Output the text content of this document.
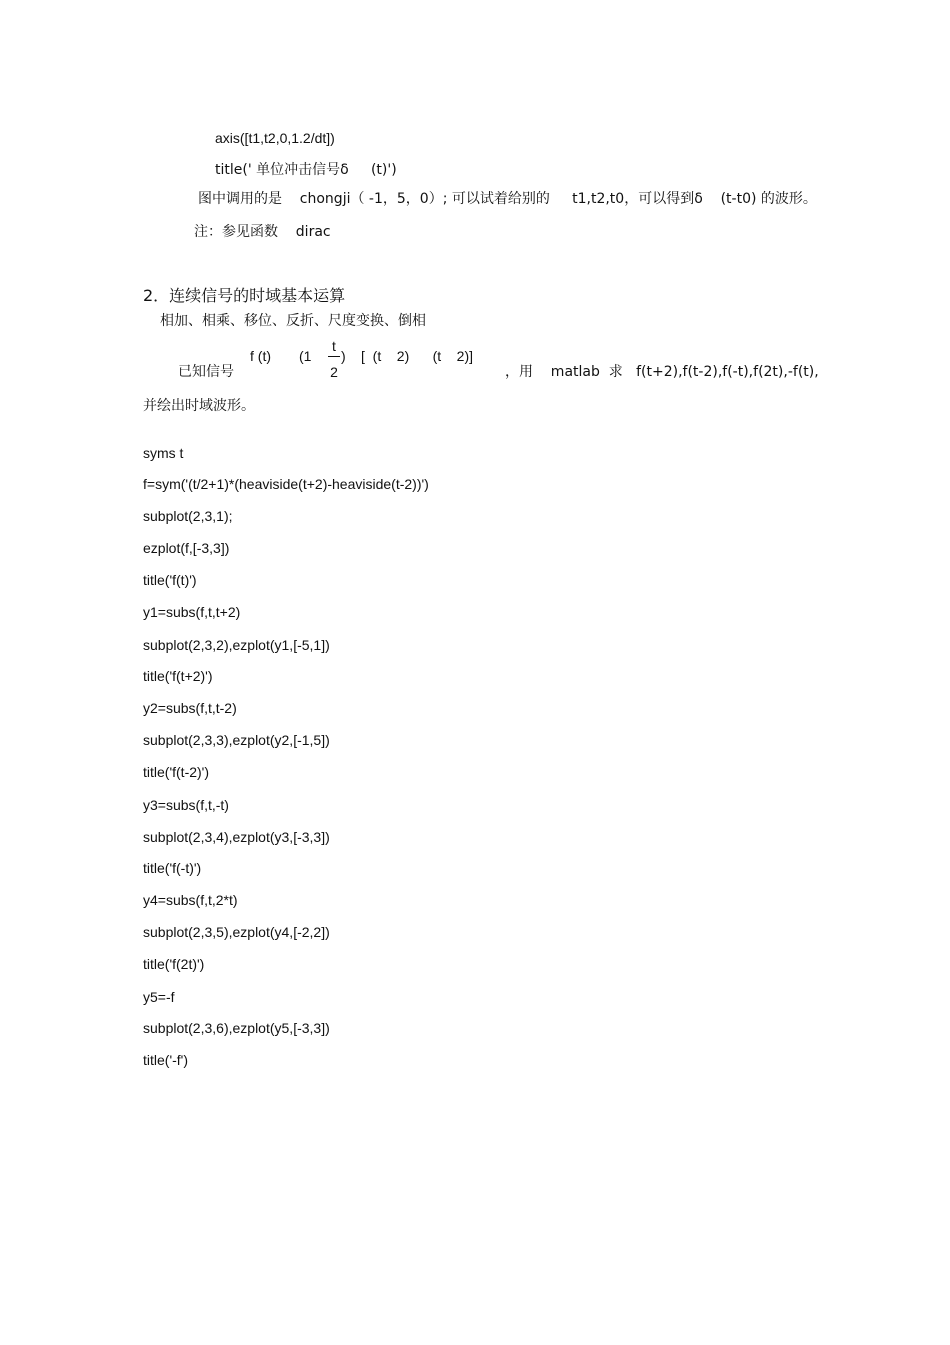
axis([t1,t2,0,1.2/dt])
title(' 单位冲击信号δ     (t)')
图中调用的是    chongji（ -1，5，0）; 可以试着给别的     t1,t2,t0，可以得到δ    (t-t0) 的波形。
注：参见函数    dirac
2．连续信号的时域基本运算
相加、相乘、移位、反折、尺度变换、倒相
已知信号
f (t) (1
t
2
) [  (t    2)      (t    2)]
，用    matlab  求   f(t+2),f(t-2),f(-t),f(2t),-f(t),
并绘出时域波形。
syms t
f=sym('(t/2+1)*(heaviside(t+2)-heaviside(t-2))')
subplot(2,3,1);
ezplot(f,[-3,3])
title('f(t)')
y1=subs(f,t,t+2)
subplot(2,3,2),ezplot(y1,[-5,1])
title('f(t+2)')
y2=subs(f,t,t-2)
subplot(2,3,3),ezplot(y2,[-1,5])
title('f(t-2)')
y3=subs(f,t,-t)
subplot(2,3,4),ezplot(y3,[-3,3])
title('f(-t)')
y4=subs(f,t,2*t)
subplot(2,3,5),ezplot(y4,[-2,2])
title('f(2t)')
y5=-f
subplot(2,3,6),ezplot(y5,[-3,3])
title('-f')
